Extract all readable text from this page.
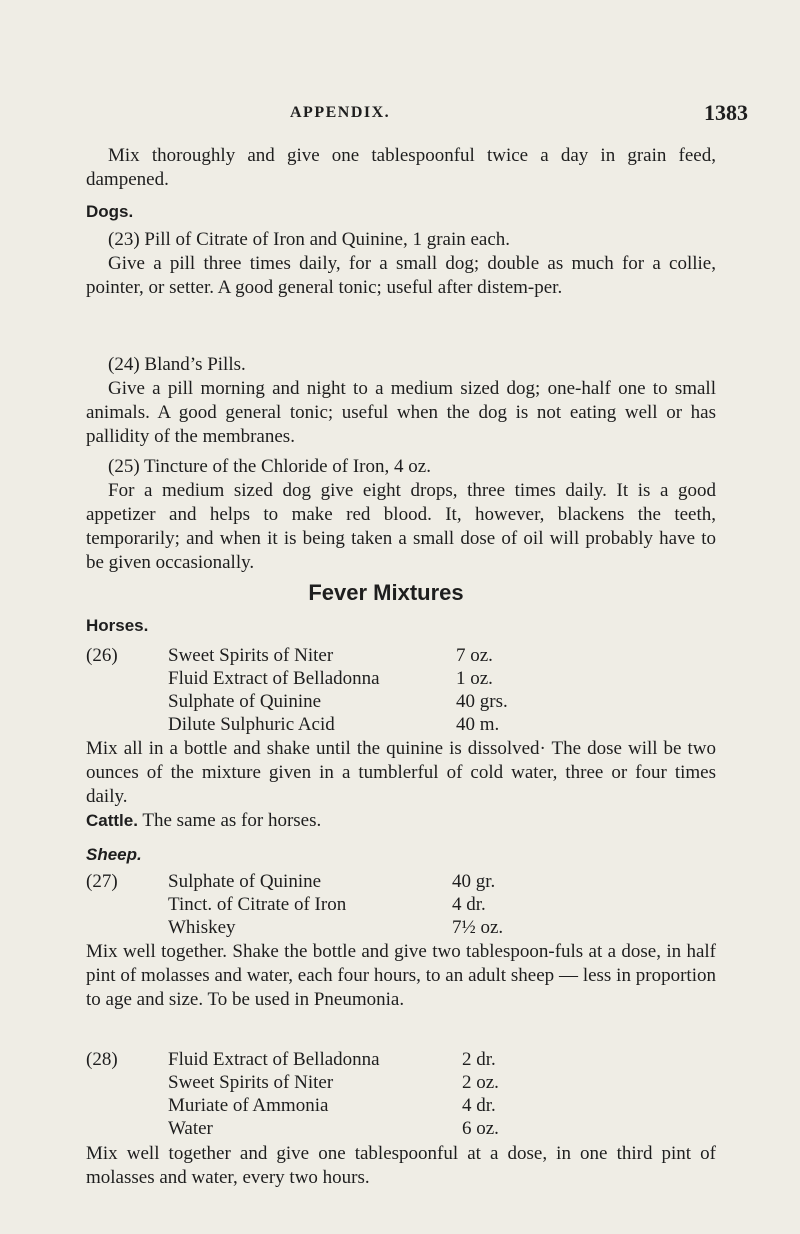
APPENDIX.	1383

Mix thoroughly and give one tablespoonful twice a day in grain feed, dampened.

Dogs.
(23) Pill of Citrate of Iron and Quinine, 1 grain each.

Give a pill three times daily, for a small dog; double as much for a collie, pointer, or setter. A good general tonic; useful after distem-per.

(24) Bland’s Pills.

Give a pill morning and night to a medium sized dog; one-half one to small animals. A good general tonic; useful when the dog is not eating well or has pallidity of the membranes.

(25) Tincture of the Chloride of Iron, 4 oz.

For a medium sized dog give eight drops, three times daily. It is a good appetizer and helps to make red blood. It, however, blackens the teeth, temporarily; and when it is being taken a small dose of oil will probably have to be given occasionally.

Fever Mixtures
Horses.
(26)	Sweet Spirits of Niter	7 oz.
Fluid Extract of Belladonna	1 oz.
Sulphate of Quinine	40 grs.
Dilute Sulphuric Acid	40 m.

Mix all in a bottle and shake until the quinine is dissolved· The dose will be two ounces of the mixture given in a tumblerful of cold water, three or four times daily.

Cattle. The same as for horses.

Sheep.
(27)	Sulphate of Quinine	40 gr.
Tinct. of Citrate of Iron	4 dr.
Whiskey	7½ oz.

Mix well together. Shake the bottle and give two tablespoon-fuls at a dose, in half pint of molasses and water, each four hours, to an adult sheep — less in proportion to age and size. To be used in Pneumonia.

(28)	Fluid Extract of Belladonna	2 dr.
Sweet Spirits of Niter	2 oz.
Muriate of Ammonia	4 dr.
Water	6 oz.

Mix well together and give one tablespoonful at a dose, in one third pint of molasses and water, every two hours.
